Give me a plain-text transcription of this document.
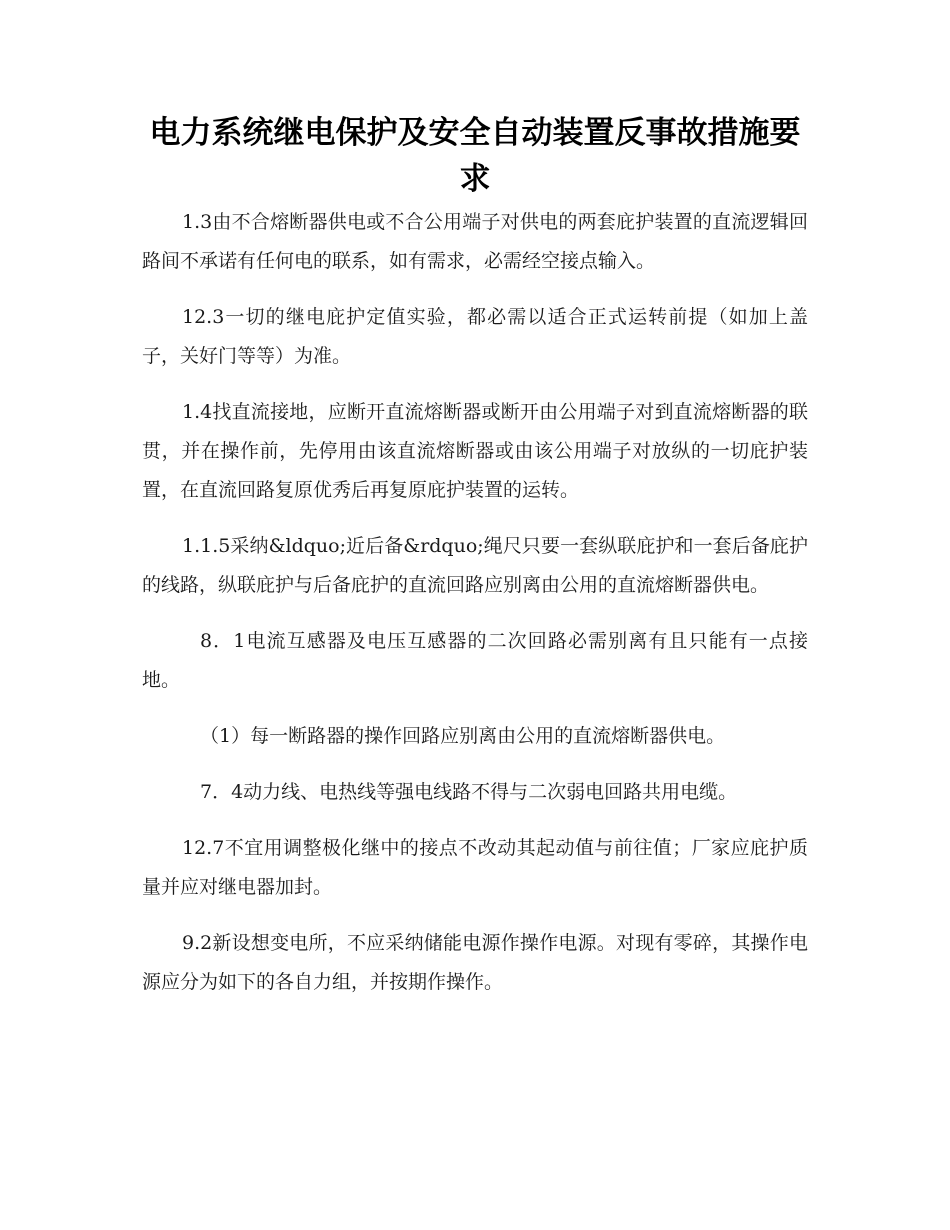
电力系统继电保护及安全自动装置反事故措施要求

1.3由不合熔断器供电或不合公用端子对供电的两套庇护装置的直流逻辑回路间不承诺有任何电的联系，如有需求，必需经空接点输入。

12.3一切的继电庇护定值实验，都必需以适合正式运转前提（如加上盖子，关好门等等）为准。

1.4找直流接地，应断开直流熔断器或断开由公用端子对到直流熔断器的联贯，并在操作前，先停用由该直流熔断器或由该公用端子对放纵的一切庇护装置，在直流回路复原优秀后再复原庇护装置的运转。

1.1.5采纳&ldquo;近后备&rdquo;绳尺只要一套纵联庇护和一套后备庇护的线路，纵联庇护与后备庇护的直流回路应别离由公用的直流熔断器供电。

8．1电流互感器及电压互感器的二次回路必需别离有且只能有一点接地。

（1）每一断路器的操作回路应别离由公用的直流熔断器供电。

7．4动力线、电热线等强电线路不得与二次弱电回路共用电缆。

12.7不宜用调整极化继中的接点不改动其起动值与前往值；厂家应庇护质量并应对继电器加封。

9.2新设想变电所，不应采纳储能电源作操作电源。对现有零碎，其操作电源应分为如下的各自力组，并按期作操作。
